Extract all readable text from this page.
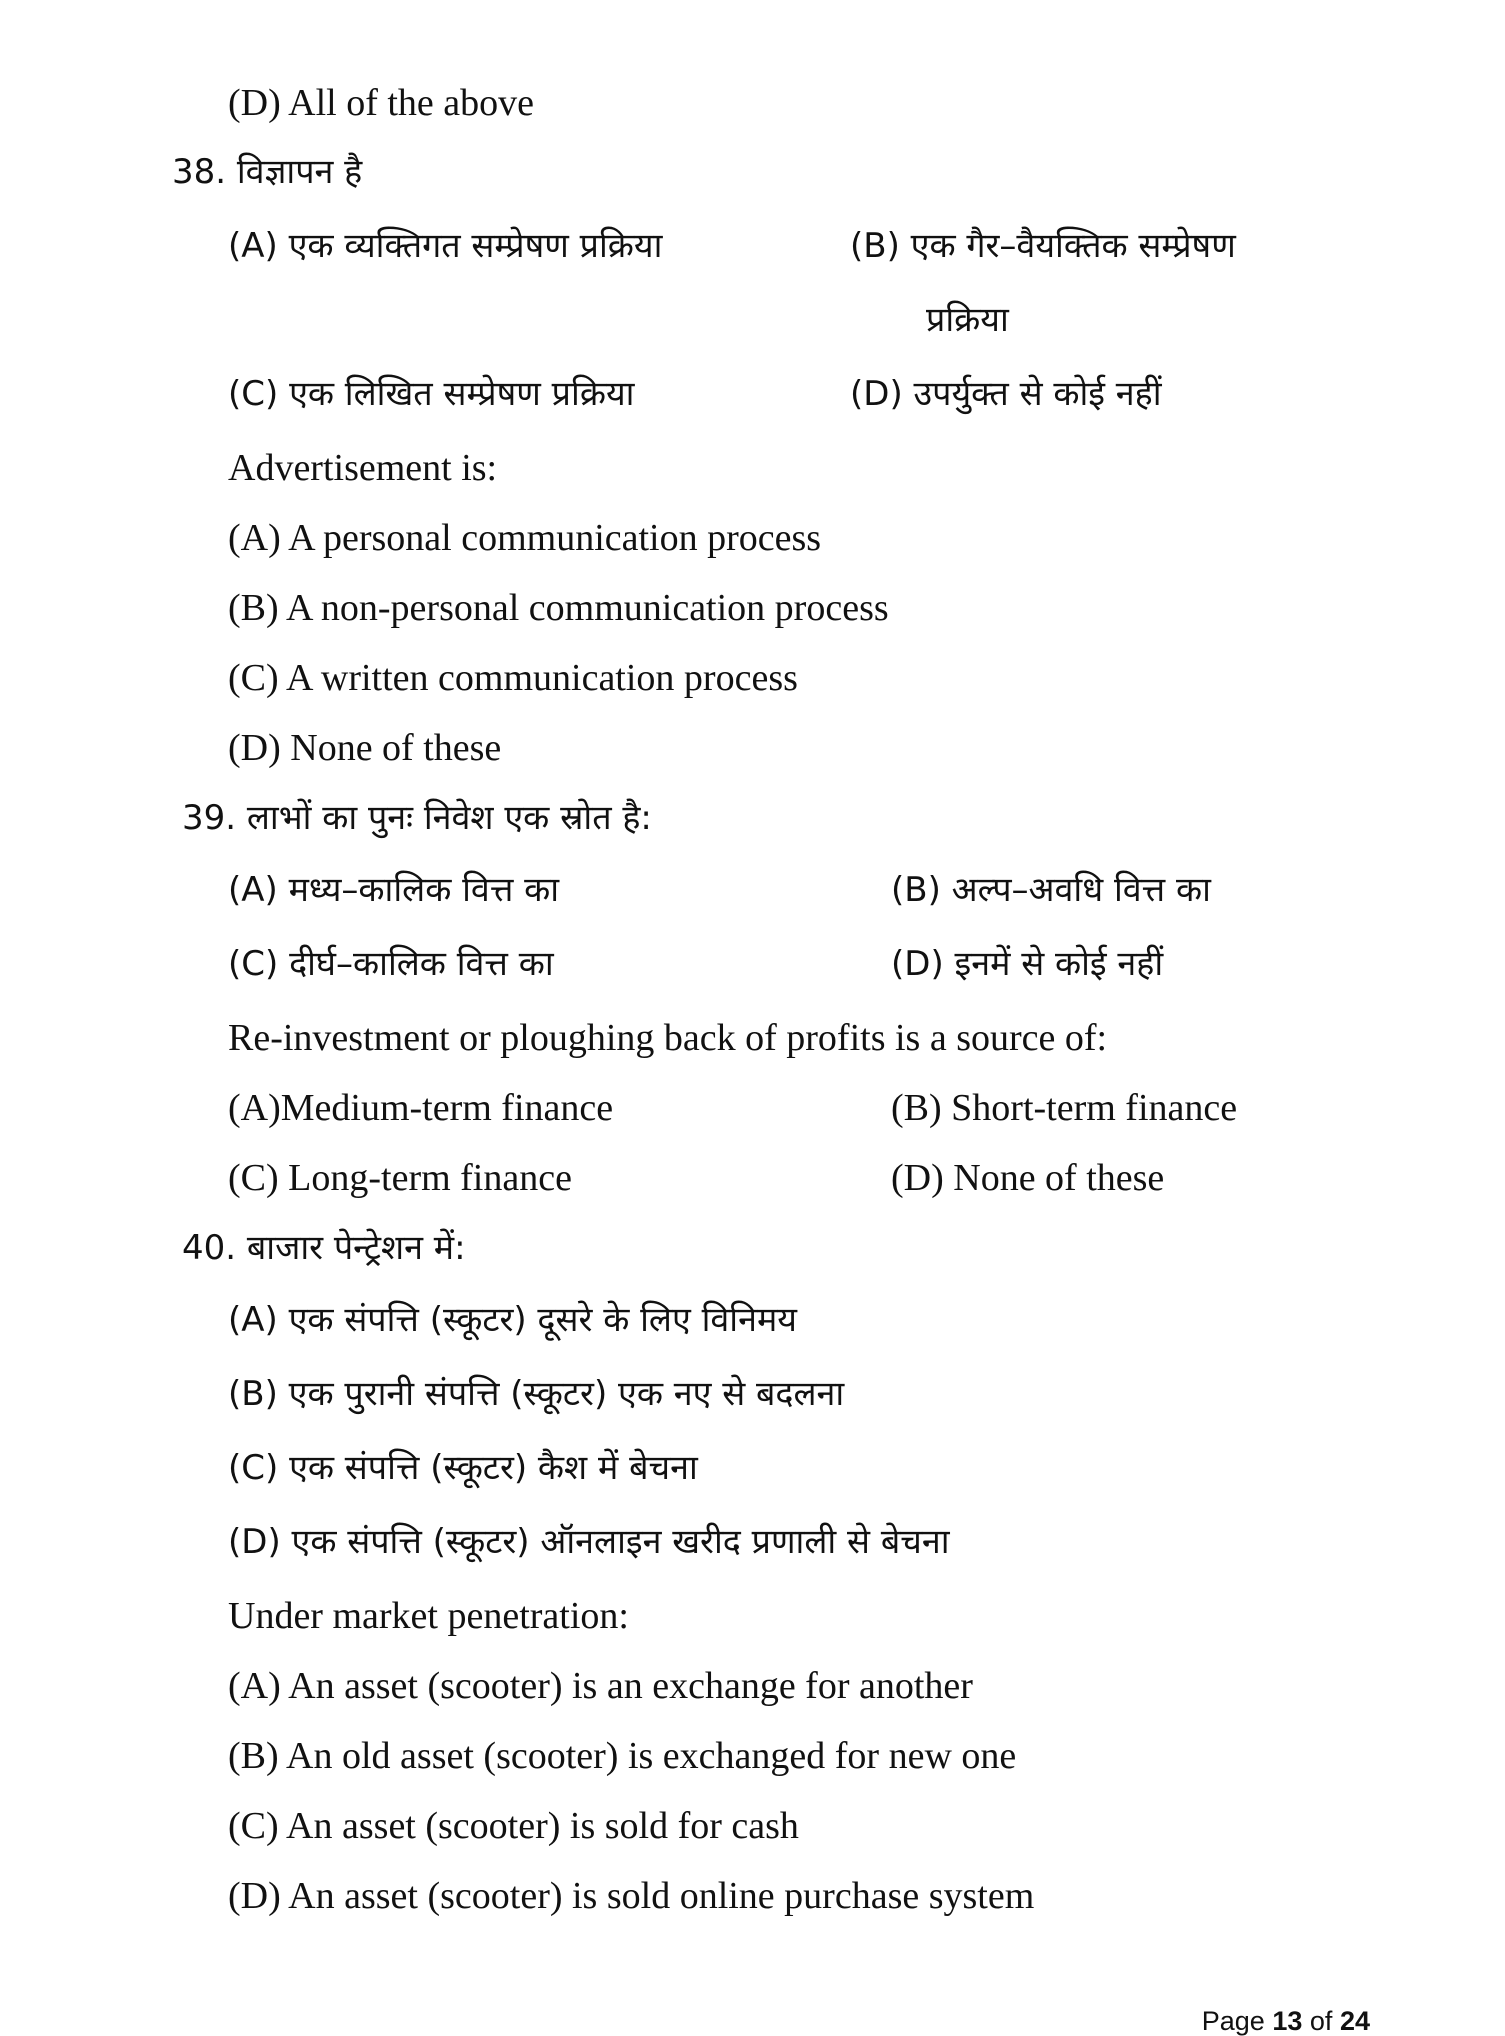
(D) All of the above
38. विज्ञापन है
(A) एक व्यक्तिगत सम्प्रेषण प्रक्रिया	(B) एक गैर–वैयक्तिक सम्प्रेषण
प्रक्रिया
(C) एक लिखित सम्प्रेषण प्रक्रिया	(D) उपर्युक्त से कोई नहीं
Advertisement is:
(A) A personal communication process
(B) A non-personal communication process
(C) A written communication process
(D) None of these
39. लाभों का पुनः निवेश एक स्रोत है:
(A) मध्य–कालिक वित्त का	(B) अल्प–अवधि वित्त का
(C) दीर्घ–कालिक वित्त का	(D) इनमें से कोई नहीं
Re-investment or ploughing back of profits is a source of:
(A)Medium-term finance	(B) Short-term finance
(C) Long-term finance	(D) None of these
40. बाजार पेन्ट्रेशन में:
(A) एक संपत्ति (स्कूटर) दूसरे के लिए विनिमय
(B) एक पुरानी संपत्ति (स्कूटर) एक नए से बदलना
(C) एक संपत्ति (स्कूटर) कैश में बेचना
(D) एक संपत्ति (स्कूटर) ऑनलाइन खरीद प्रणाली से बेचना
Under market penetration:
(A) An asset (scooter) is an exchange for another
(B) An old asset (scooter) is exchanged for new one
(C) An asset (scooter) is sold for cash
(D) An asset (scooter) is sold online purchase system
Page 13 of 24
